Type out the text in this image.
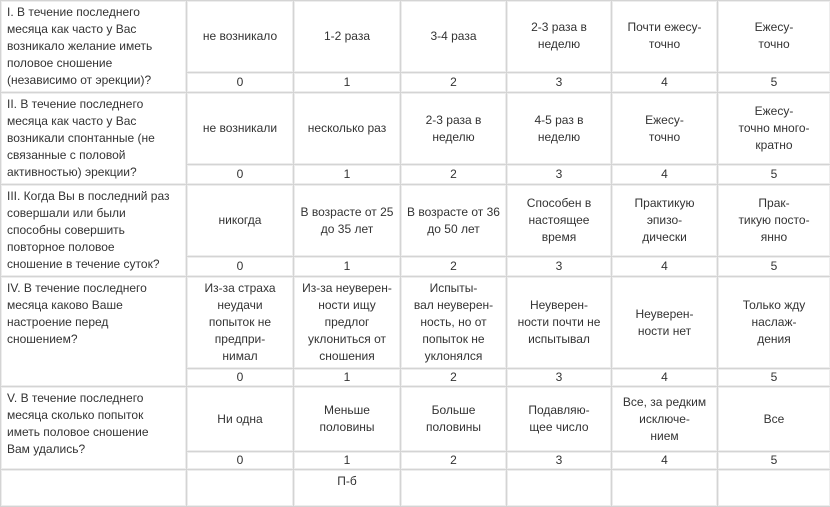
I. В течение последнего
месяца как часто у Вас
возникало желание иметь
половое сношение
(независимо от эрекции)?	не возникало	1-2 раза	3-4 раза	2-3 раза в
неделю	Почти ежесу-
точно	Ежесу-
точно

	0	1	2	3	4	5

II. В течение последнего
месяца как часто у Вас
возникали спонтанные (не
связанные с половой
активностью) эрекции?	не возникали	несколько раз	2-3 раза в
неделю	4-5 раз в
неделю	Ежесу-
точно	Ежесу-
точно много-
кратно

	0	1	2	3	4	5

III. Когда Вы в последний раз
совершали или были
способны совершить
повторное половое
сношение в течение суток?	никогда	В возрасте от 25
до 35 лет	В возрасте от 36
до 50 лет	Способен в
настоящее
время	Практикую
эпизо-
дически	Прак-
тикую посто-
янно

	0	1	2	3	4	5

IV. В течение последнего
месяца каково Ваше
настроение перед
сношением?	Из-за страха
неудачи
попыток не
предпри-
нимал	Из-за неуверен-
ности ищу
предлог
уклониться от
сношения	Испыты-
вал неуверен-
ность, но от
попыток не
уклонялся	Неуверен-
ности почти не
испытывал	Неуверен-
ности нет	Только жду
наслаж-
дения

	0	1	2	3	4	5

V. В течение последнего
месяца сколько попыток
иметь половое сношение
Вам удались?	Ни одна	Меньше
половины	Больше
половины	Подавляю-
щее число	Все, за редким
исключе-
нием	Все

	0	1	2	3	4	5
		П-б				
